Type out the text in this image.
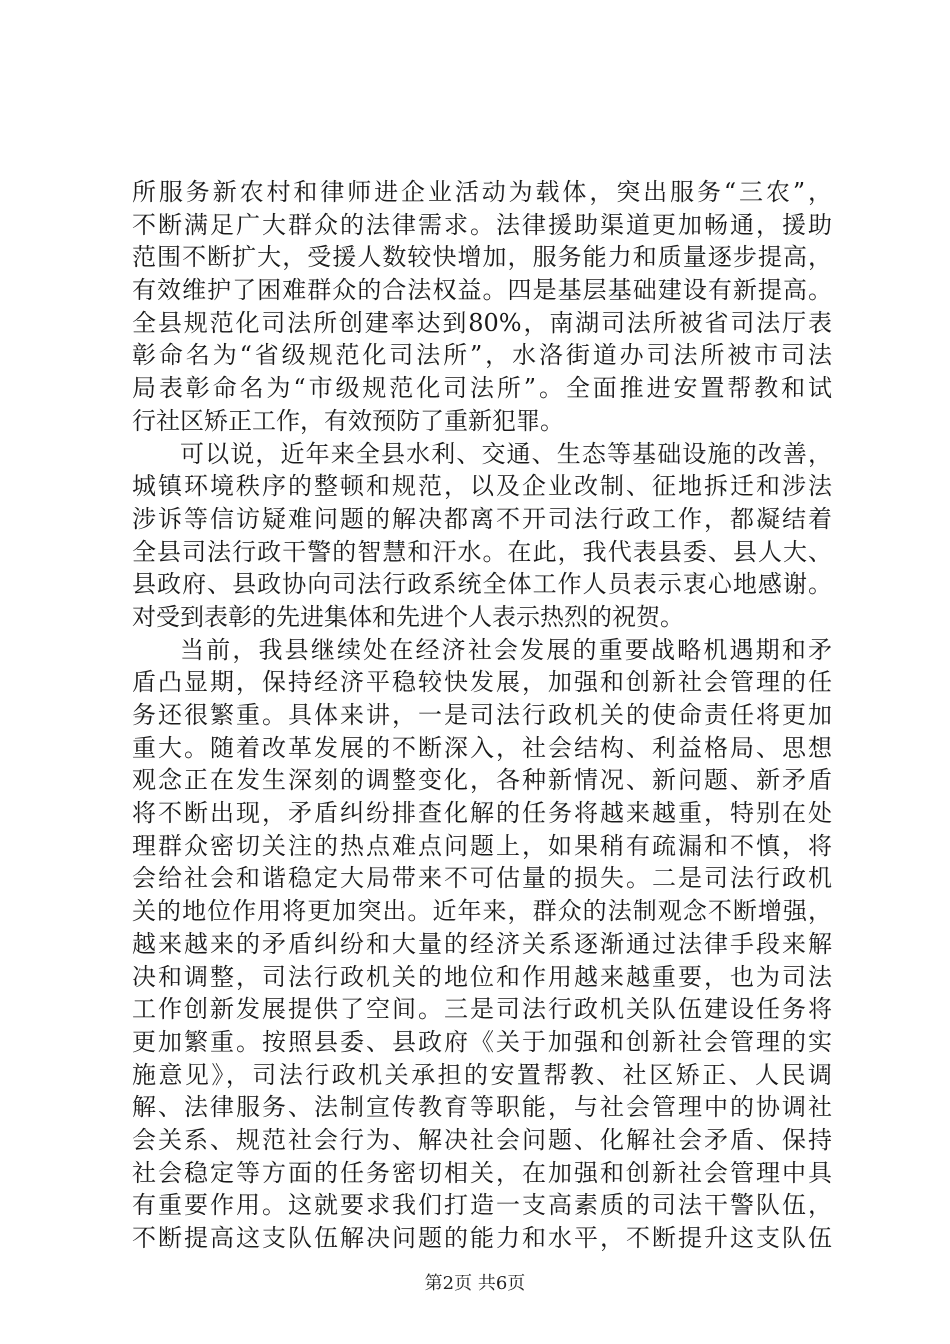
所服务新农村和律师进企业活动为载体，突出服务“三农”，
不断满足广大群众的法律需求。法律援助渠道更加畅通，援助
范围不断扩大，受援人数较快增加，服务能力和质量逐步提高，
有效维护了困难群众的合法权益。四是基层基础建设有新提高。
全县规范化司法所创建率达到80%，南湖司法所被省司法厅表
彰命名为“省级规范化司法所”，水洛街道办司法所被市司法
局表彰命名为“市级规范化司法所”。全面推进安置帮教和试
行社区矫正工作，有效预防了重新犯罪。
可以说，近年来全县水利、交通、生态等基础设施的改善，
城镇环境秩序的整顿和规范，以及企业改制、征地拆迁和涉法
涉诉等信访疑难问题的解决都离不开司法行政工作，都凝结着
全县司法行政干警的智慧和汗水。在此，我代表县委、县人大、
县政府、县政协向司法行政系统全体工作人员表示衷心地感谢。
对受到表彰的先进集体和先进个人表示热烈的祝贺。
当前，我县继续处在经济社会发展的重要战略机遇期和矛
盾凸显期，保持经济平稳较快发展，加强和创新社会管理的任
务还很繁重。具体来讲，一是司法行政机关的使命责任将更加
重大。随着改革发展的不断深入，社会结构、利益格局、思想
观念正在发生深刻的调整变化，各种新情况、新问题、新矛盾
将不断出现，矛盾纠纷排查化解的任务将越来越重，特别在处
理群众密切关注的热点难点问题上，如果稍有疏漏和不慎，将
会给社会和谐稳定大局带来不可估量的损失。二是司法行政机
关的地位作用将更加突出。近年来，群众的法制观念不断增强，
越来越来的矛盾纠纷和大量的经济关系逐渐通过法律手段来解
决和调整，司法行政机关的地位和作用越来越重要，也为司法
工作创新发展提供了空间。三是司法行政机关队伍建设任务将
更加繁重。按照县委、县政府《关于加强和创新社会管理的实
施意见》，司法行政机关承担的安置帮教、社区矫正、人民调
解、法律服务、法制宣传教育等职能，与社会管理中的协调社
会关系、规范社会行为、解决社会问题、化解社会矛盾、保持
社会稳定等方面的任务密切相关，在加强和创新社会管理中具
有重要作用。这就要求我们打造一支高素质的司法干警队伍，
不断提高这支队伍解决问题的能力和水平，不断提升这支队伍
第2页 共6页
